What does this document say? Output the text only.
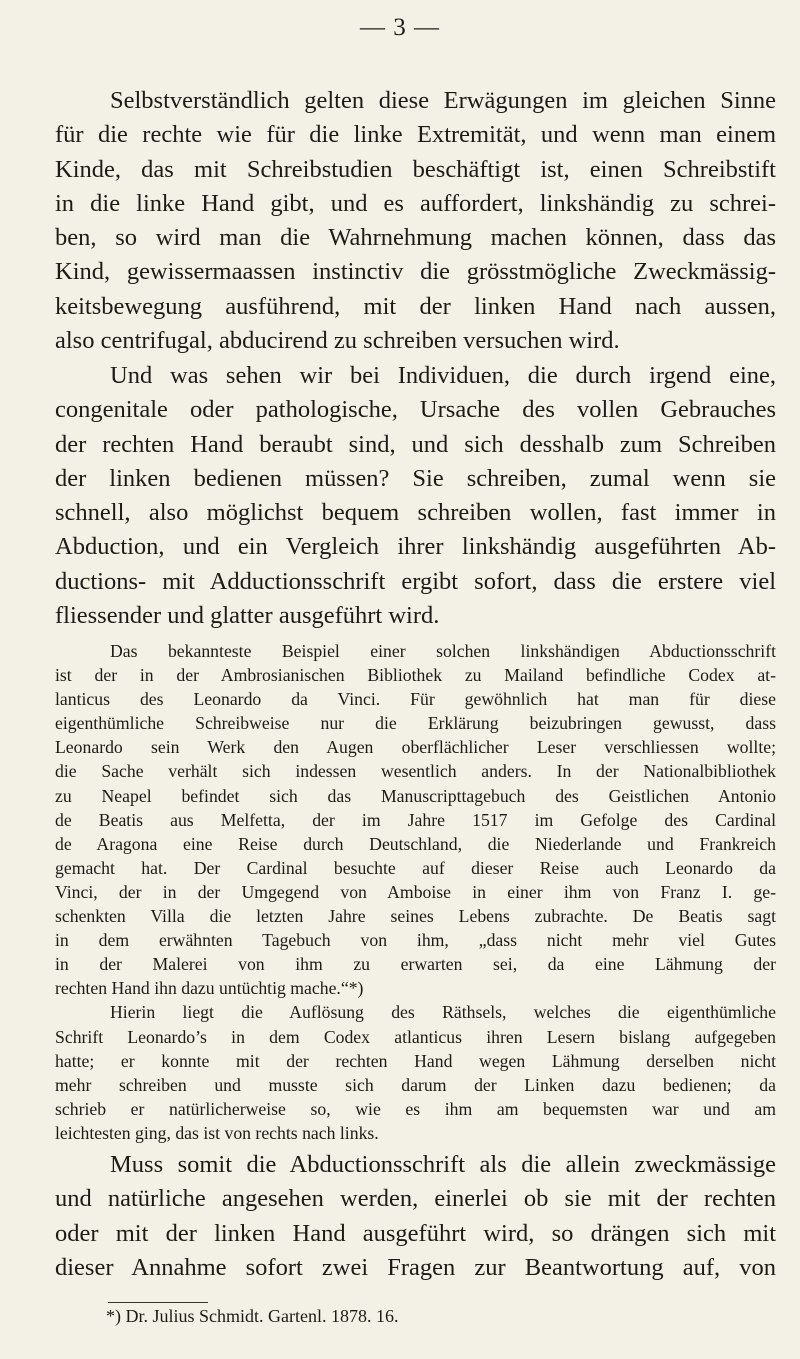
— 3 —
Selbstverständlich gelten diese Erwägungen im gleichen Sinne
für die rechte wie für die linke Extremität, und wenn man einem
Kinde, das mit Schreibstudien beschäftigt ist, einen Schreibstift
in die linke Hand gibt, und es auffordert, linkshändig zu schrei-
ben, so wird man die Wahrnehmung machen können, dass das
Kind, gewissermaassen instinctiv die grösstmögliche Zweckmässig-
keitsbewegung ausführend, mit der linken Hand nach aussen,
also centrifugal, abducirend zu schreiben versuchen wird.
Und was sehen wir bei Individuen, die durch irgend eine,
congenitale oder pathologische, Ursache des vollen Gebrauches
der rechten Hand beraubt sind, und sich desshalb zum Schreiben
der linken bedienen müssen? Sie schreiben, zumal wenn sie
schnell, also möglichst bequem schreiben wollen, fast immer in
Abduction, und ein Vergleich ihrer linkshändig ausgeführten Ab-
ductions- mit Adductionsschrift ergibt sofort, dass die erstere viel
fliessender und glatter ausgeführt wird.
Das bekannteste Beispiel einer solchen linkshändigen Abductionsschrift
ist der in der Ambrosianischen Bibliothek zu Mailand befindliche Codex at-
lanticus des Leonardo da Vinci. Für gewöhnlich hat man für diese
eigenthümliche Schreibweise nur die Erklärung beizubringen gewusst, dass
Leonardo sein Werk den Augen oberflächlicher Leser verschliessen wollte;
die Sache verhält sich indessen wesentlich anders. In der Nationalbibliothek
zu Neapel befindet sich das Manuscripttagebuch des Geistlichen Antonio
de Beatis aus Melfetta, der im Jahre 1517 im Gefolge des Cardinal
de Aragona eine Reise durch Deutschland, die Niederlande und Frankreich
gemacht hat. Der Cardinal besuchte auf dieser Reise auch Leonardo da
Vinci, der in der Umgegend von Amboise in einer ihm von Franz I. ge-
schenkten Villa die letzten Jahre seines Lebens zubrachte. De Beatis sagt
in dem erwähnten Tagebuch von ihm, „dass nicht mehr viel Gutes
in der Malerei von ihm zu erwarten sei, da eine Lähmung der
rechten Hand ihn dazu untüchtig mache.“*)
Hierin liegt die Auflösung des Räthsels, welches die eigenthümliche
Schrift Leonardo’s in dem Codex atlanticus ihren Lesern bislang aufgegeben
hatte; er konnte mit der rechten Hand wegen Lähmung derselben nicht
mehr schreiben und musste sich darum der Linken dazu bedienen; da
schrieb er natürlicherweise so, wie es ihm am bequemsten war und am
leichtesten ging, das ist von rechts nach links.
Muss somit die Abductionsschrift als die allein zweckmässige
und natürliche angesehen werden, einerlei ob sie mit der rechten
oder mit der linken Hand ausgeführt wird, so drängen sich mit
dieser Annahme sofort zwei Fragen zur Beantwortung auf, von
*) Dr. Julius Schmidt. Gartenl. 1878. 16.
